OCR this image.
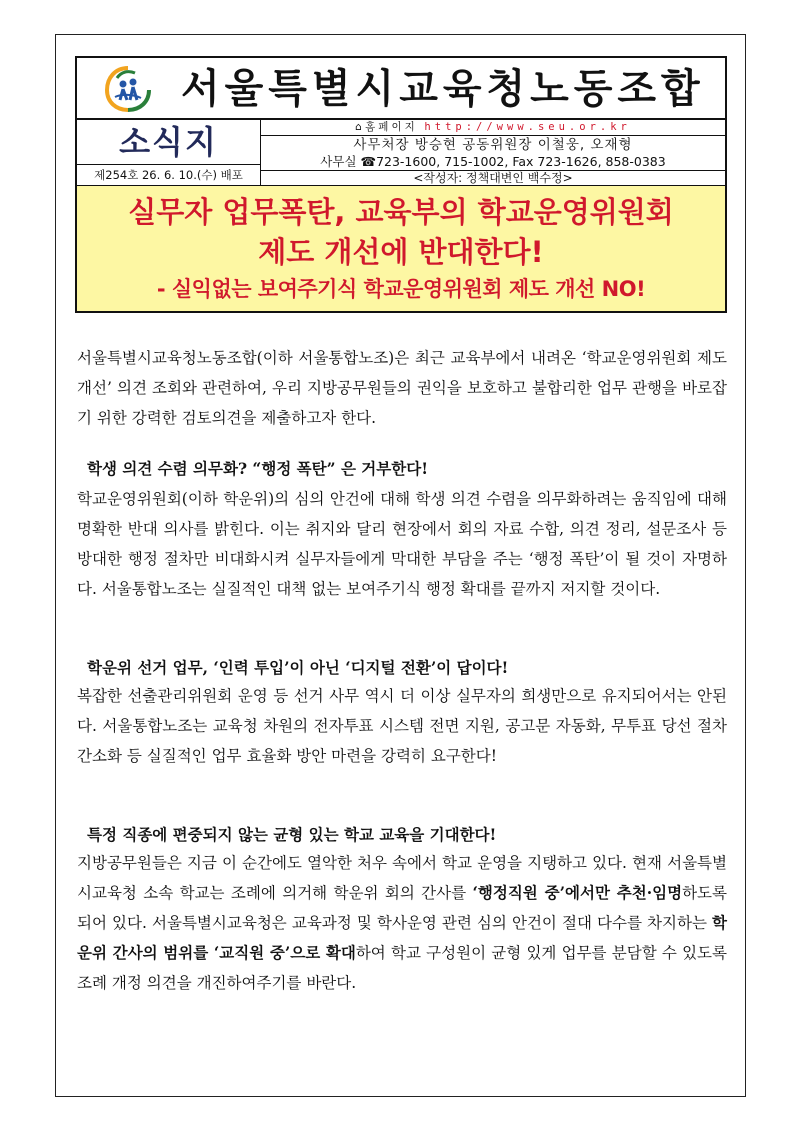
서울특별시교육청노동조합
소식지
제254호 26. 6. 10.(수) 배포
⌂ 홈페이지 http://www.seu.or.kr
사무처장 방승현 공동위원장 이철웅, 오재형
사무실 ☎723-1600, 715-1002, Fax 723-1626, 858-0383
<작성자: 정책대변인 백수정>
실무자 업무폭탄, 교육부의 학교운영위원회
제도 개선에 반대한다!
- 실익없는 보여주기식 학교운영위원회 제도 개선 NO!
서울특별시교육청노동조합(이하 서울통합노조)은 최근 교육부에서 내려온 ‘학교운영위원회 제도 개선’ 의견 조회와 관련하여, 우리 지방공무원들의 권익을 보호하고 불합리한 업무 관행을 바로잡기 위한 강력한 검토의견을 제출하고자 한다.
학생 의견 수렴 의무화? “행정 폭탄” 은 거부한다!
학교운영위원회(이하 학운위)의 심의 안건에 대해 학생 의견 수렴을 의무화하려는 움직임에 대해 명확한 반대 의사를 밝힌다. 이는 취지와 달리 현장에서 회의 자료 수합, 의견 정리, 설문조사 등 방대한 행정 절차만 비대화시켜 실무자들에게 막대한 부담을 주는 ‘행정 폭탄’이 될 것이 자명하다. 서울통합노조는 실질적인 대책 없는 보여주기식 행정 확대를 끝까지 저지할 것이다.
학운위 선거 업무, ‘인력 투입’이 아닌 ‘디지털 전환’이 답이다!
복잡한 선출관리위원회 운영 등 선거 사무 역시 더 이상 실무자의 희생만으로 유지되어서는 안된다. 서울통합노조는 교육청 차원의 전자투표 시스템 전면 지원, 공고문 자동화, 무투표 당선 절차 간소화 등 실질적인 업무 효율화 방안 마련을 강력히 요구한다!
특정 직종에 편중되지 않는 균형 있는 학교 교육을 기대한다!
지방공무원들은 지금 이 순간에도 열악한 처우 속에서 학교 운영을 지탱하고 있다. 현재 서울특별시교육청 소속 학교는 조례에 의거해 학운위 회의 간사를 ‘행정직원 중’에서만 추천·임명하도록 되어 있다. 서울특별시교육청은 교육과정 및 학사운영 관련 심의 안건이 절대 다수를 차지하는 학운위 간사의 범위를 ‘교직원 중’으로 확대하여 학교 구성원이 균형 있게 업무를 분담할 수 있도록 조례 개정 의견을 개진하여주기를 바란다.
